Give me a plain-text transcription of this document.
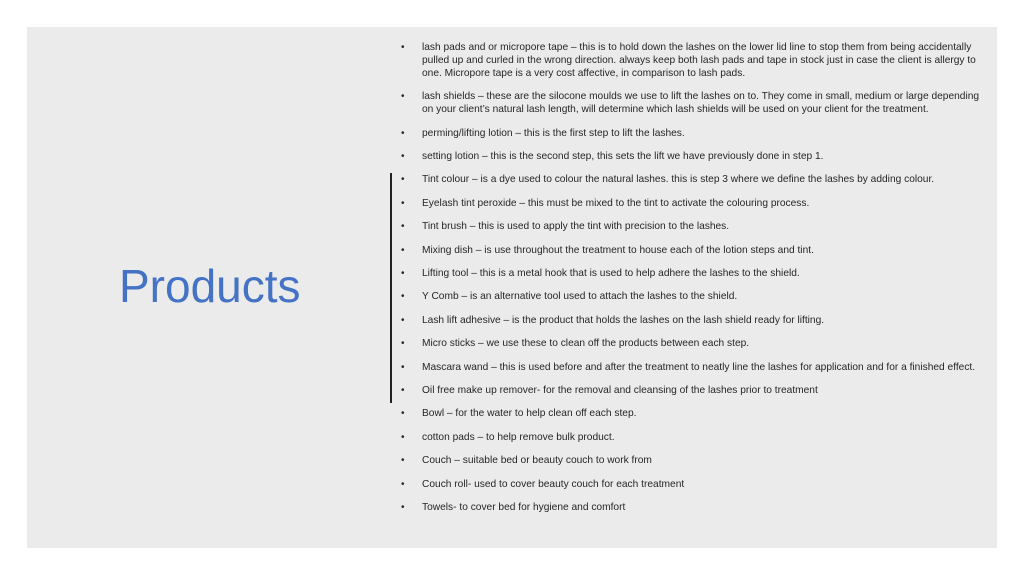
Products
• lash pads and or micropore tape – this is to hold down the lashes on the lower lid line to stop them from being accidentally pulled up and curled in the wrong direction. always keep both lash pads and tape in stock just in case the client is allergy to one. Micropore tape is a very cost affective, in comparison to lash pads.
• lash shields – these are the silocone moulds we use to lift the lashes on to. They come in small, medium or large depending on your client’s natural lash length, will determine which lash shields will be used on your client for the treatment.
• perming/lifting lotion – this is the first step to lift the lashes.
• setting lotion – this is the second step, this sets the lift we have previously done in step 1.
• Tint colour – is a dye used to colour the natural lashes. this is step 3 where we define the lashes by adding colour.
• Eyelash tint peroxide – this must be mixed to the tint to activate the colouring process.
• Tint brush – this is used to apply the tint with precision to the lashes.
• Mixing dish – is use throughout the treatment to house each of the lotion steps and tint.
• Lifting tool – this is a metal hook that is used to help adhere the lashes to the shield.
• Y Comb – is an alternative tool used to attach the lashes to the shield.
• Lash lift adhesive – is the product that holds the lashes on the lash shield ready for lifting.
• Micro sticks – we use these to clean off the products between each step.
• Mascara wand – this is used before and after the treatment to neatly line the lashes for application and for a finished effect.
• Oil free make up remover- for the removal and cleansing of the lashes prior to treatment
• Bowl – for the water to help clean off each step.
• cotton pads – to help remove bulk product.
• Couch – suitable bed or beauty couch to work from
• Couch roll- used to cover beauty couch for each treatment
• Towels- to cover bed for hygiene and comfort
